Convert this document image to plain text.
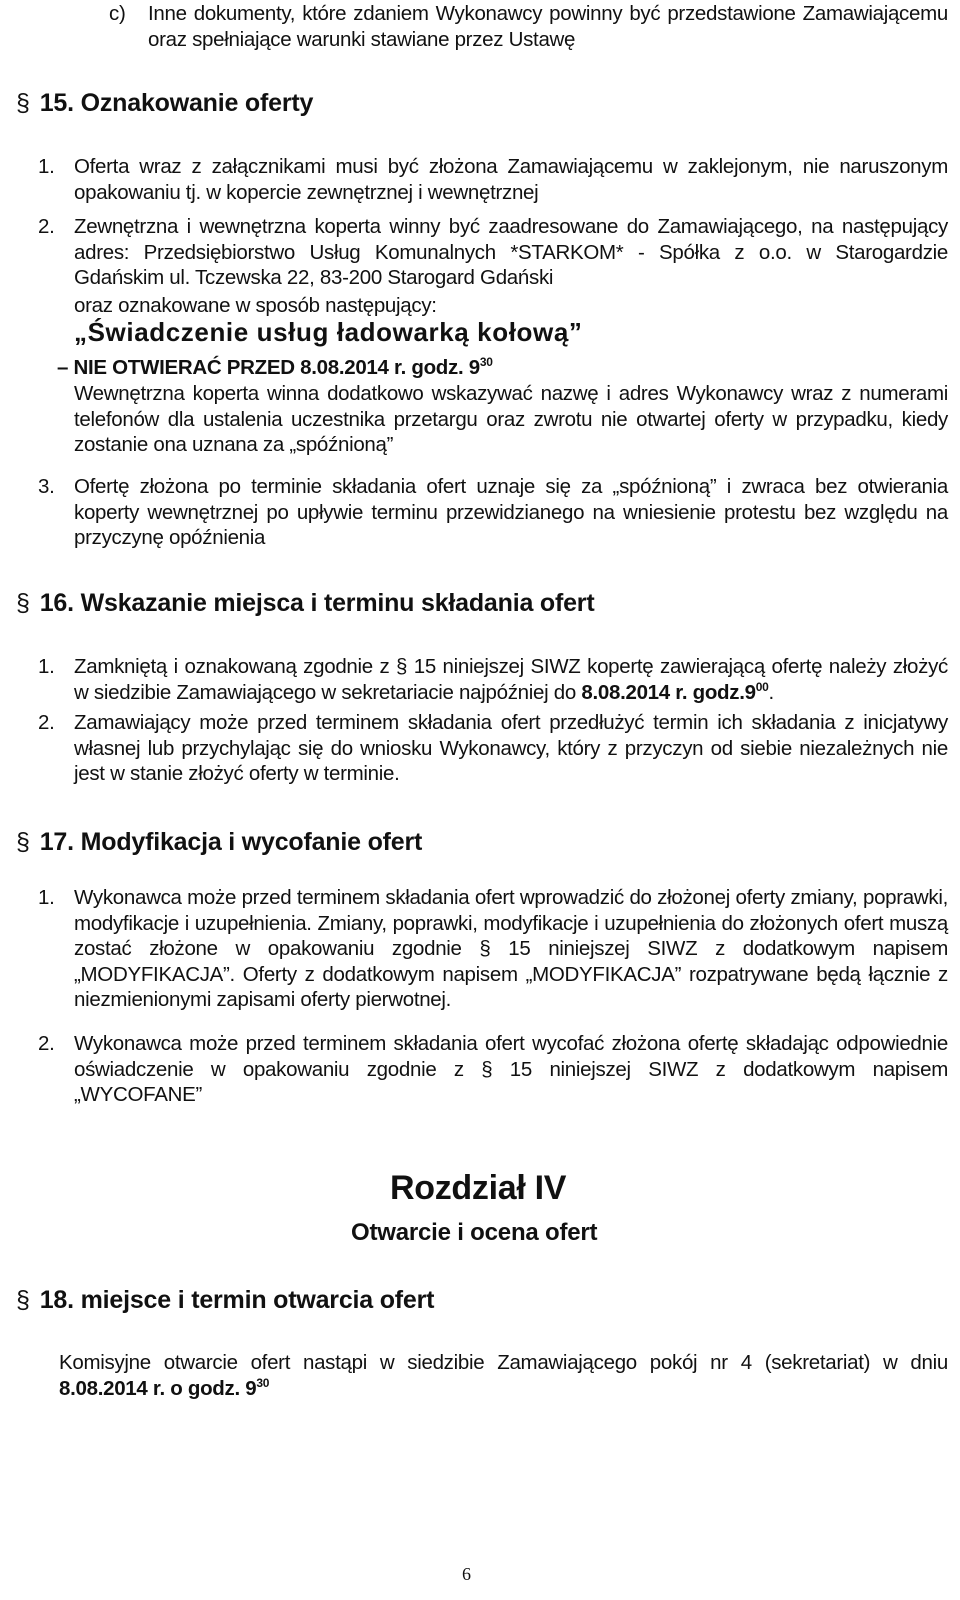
c) Inne dokumenty, które zdaniem Wykonawcy powinny być przedstawione Zamawiającemu oraz spełniające warunki stawiane przez Ustawę
§ 15. Oznakowanie oferty
1. Oferta wraz z załącznikami musi być złożona Zamawiającemu w zaklejonym, nie naruszonym opakowaniu tj. w kopercie zewnętrznej i wewnętrznej
2. Zewnętrzna i wewnętrzna koperta winny być zaadresowane do Zamawiającego, na następujący adres: Przedsiębiorstwo Usług Komunalnych *STARKOM* - Spółka z o.o. w Starogardzie Gdańskim ul. Tczewska 22, 83-200 Starogard Gdański
oraz oznakowane w sposób następujący:
„Świadczenie usług ładowarką kołową”
– NIE OTWIERAĆ PRZED 8.08.2014 r. godz. $9^{30}$
Wewnętrzna koperta winna dodatkowo wskazywać nazwę i adres Wykonawcy wraz z numerami telefonów dla ustalenia uczestnika przetargu oraz zwrotu nie otwartej oferty w przypadku, kiedy zostanie ona uznana za „spóźnioną”
3. Ofertę złożona po terminie składania ofert uznaje się za „spóźnioną” i zwraca bez otwierania koperty wewnętrznej po upływie terminu przewidzianego na wniesienie protestu bez względu na przyczynę opóźnienia
§ 16. Wskazanie miejsca i terminu składania ofert
1. Zamkniętą i oznakowaną zgodnie z § 15 niniejszej SIWZ kopertę zawierającą ofertę należy złożyć w siedzibie Zamawiającego w sekretariacie najpóźniej do 8.08.2014 r. $godz.9^{00}$.
2. Zamawiający może przed terminem składania ofert przedłużyć termin ich składania z inicjatywy własnej lub przychylając się do wniosku Wykonawcy, który z przyczyn od siebie niezależnych nie jest w stanie złożyć oferty w terminie.
§ 17. Modyfikacja i wycofanie ofert
1. Wykonawca może przed terminem składania ofert wprowadzić do złożonej oferty zmiany, poprawki, modyfikacje i uzupełnienia. Zmiany, poprawki, modyfikacje i uzupełnienia do złożonych ofert muszą zostać złożone w opakowaniu zgodnie § 15 niniejszej SIWZ z dodatkowym napisem „MODYFIKACJA”. Oferty z dodatkowym napisem „MODYFIKACJA” rozpatrywane będą łącznie z niezmienionymi zapisami oferty pierwotnej.
2. Wykonawca może przed terminem składania ofert wycofać złożona ofertę składając odpowiednie oświadczenie w opakowaniu zgodnie z § 15 niniejszej SIWZ z dodatkowym napisem „WYCOFANE”
Rozdział IV
Otwarcie i ocena ofert
§ 18. miejsce i termin otwarcia ofert
Komisyjne otwarcie ofert nastąpi w siedzibie Zamawiającego pokój nr 4 (sekretariat) w dniu 8.08.2014 r. o godz. $9^{30}$
6
